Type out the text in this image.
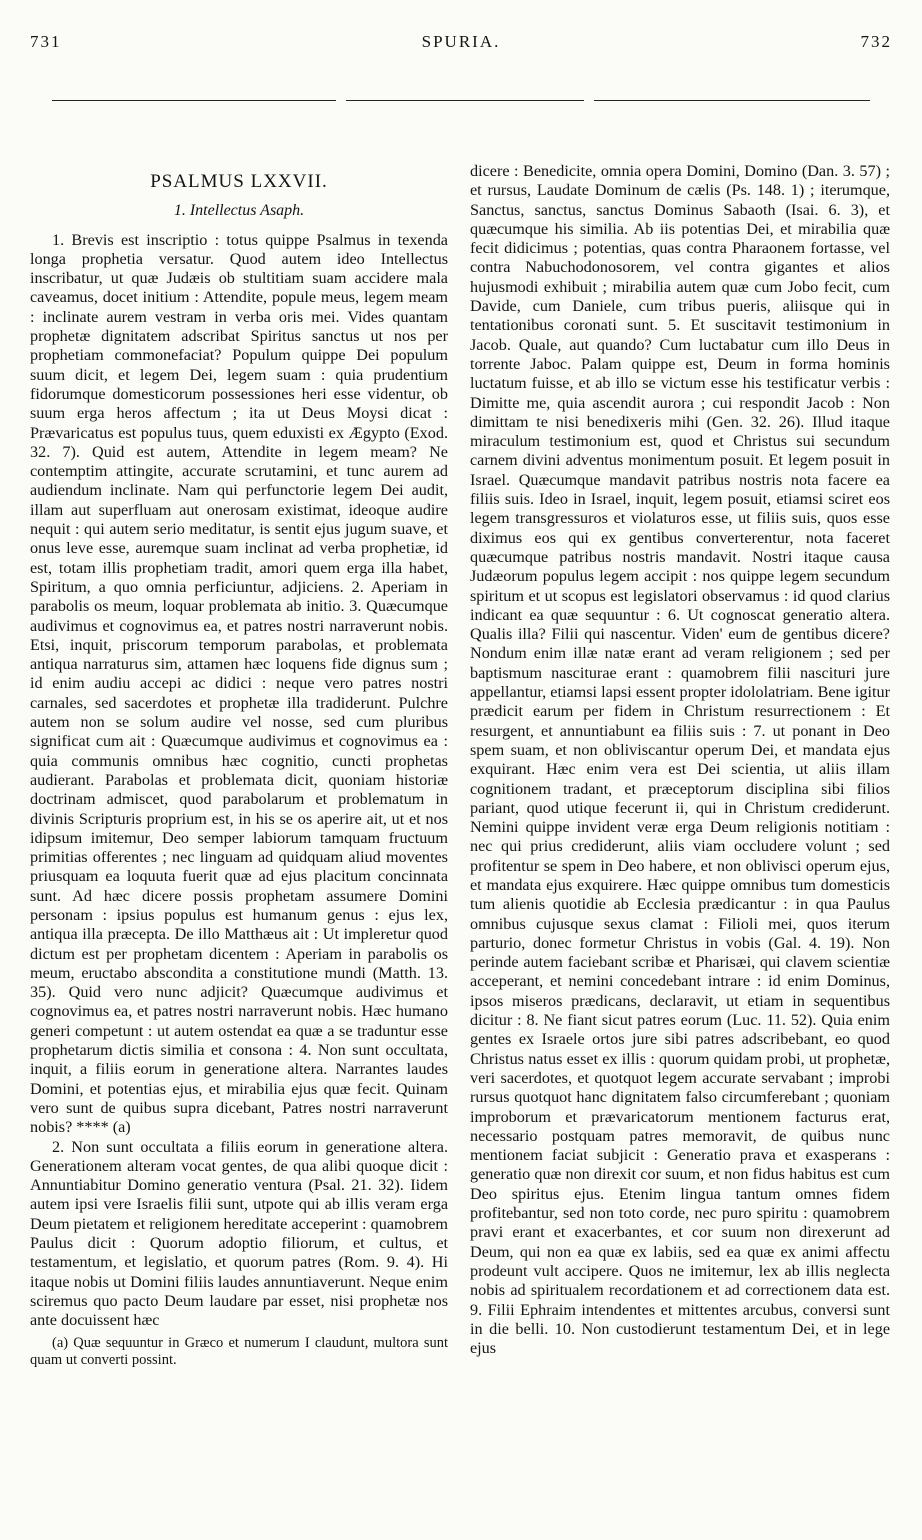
731	SPURIA.	732
PSALMUS LXXVII.
1. Intellectus Asaph.

1. Brevis est inscriptio : totus quippe Psalmus in texenda longa prophetia versatur. Quod autem ideo Intellectus inscribatur, ut quæ Judæis ob stultitiam suam accidere mala caveamus, docet initium : Attendite, popule meus, legem meam : inclinate aurem vestram in verba oris mei. Vides quantam prophetæ dignitatem adscribat Spiritus sanctus ut nos per prophetiam commonefaciat? Populum quippe Dei populum suum dicit, et legem Dei, legem suam : quia prudentium fidorumque domesticorum possessiones heri esse videntur, ob suum erga heros affectum ; ita ut Deus Moysi dicat : Prævaricatus est populus tuus, quem eduxisti ex Ægypto (Exod. 32. 7). Quid est autem, Attendite in legem meam? Ne contemptim attingite, accurate scrutamini, et tunc aurem ad audiendum inclinate. Nam qui perfunctorie legem Dei audit, illam aut superfluam aut onerosam existimat, ideoque audire nequit : qui autem serio meditatur, is sentit ejus jugum suave, et onus leve esse, auremque suam inclinat ad verba prophetiæ, id est, totam illis prophetiam tradit, amori quem erga illa habet, Spiritum, a quo omnia perficiuntur, adjiciens. 2. Aperiam in parabolis os meum, loquar problemata ab initio. 3. Quæcumque audivimus et cognovimus ea, et patres nostri narraverunt nobis. Etsi, inquit, priscorum temporum parabolas, et problemata antiqua narraturus sim, attamen hæc loquens fide dignus sum ; id enim audiu accepi ac didici : neque vero patres nostri carnales, sed sacerdotes et prophetæ illa tradiderunt. Pulchre autem non se solum audire vel nosse, sed cum pluribus significat cum ait : Quæcumque audivimus et cognovimus ea : quia communis omnibus hæc cognitio, cuncti prophetas audierant. Parabolas et problemata dicit, quoniam historiæ doctrinam admiscet, quod parabolarum et problematum in divinis Scripturis proprium est, in his se os aperire ait, ut et nos idipsum imitemur, Deo semper labiorum tamquam fructuum primitias offerentes ; nec linguam ad quidquam aliud moventes priusquam ea loquuta fuerit quæ ad ejus placitum concinnata sunt. Ad hæc dicere possis prophetam assumere Domini personam : ipsius populus est humanum genus : ejus lex, antiqua illa præcepta. De illo Matthæus ait : Ut impleretur quod dictum est per prophetam dicentem : Aperiam in parabolis os meum, eructabo abscondita a constitutione mundi (Matth. 13. 35). Quid vero nunc adjicit? Quæcumque audivimus et cognovimus ea, et patres nostri narraverunt nobis. Hæc humano generi competunt : ut autem ostendat ea quæ a se traduntur esse prophetarum dictis similia et consona : 4. Non sunt occultata, inquit, a filiis eorum in generatione altera. Narrantes laudes Domini, et potentias ejus, et mirabilia ejus quæ fecit. Quinam vero sunt de quibus supra dicebant, Patres nostri narraverunt nobis? **** (a)

2. Non sunt occultata a filiis eorum in generatione altera. Generationem alteram vocat gentes, de qua alibi quoque dicit : Annuntiabitur Domino generatio ventura (Psal. 21. 32). Iidem autem ipsi vere Israelis filii sunt, utpote qui ab illis veram erga Deum pietatem et religionem hereditate acceperint : quamobrem Paulus dicit : Quorum adoptio filiorum, et cultus, et testamentum, et legislatio, et quorum patres (Rom. 9. 4). Hi itaque nobis ut Domini filiis laudes annuntiaverunt. Neque enim sciremus quo pacto Deum laudare par esset, nisi prophetæ nos ante docuissent hæc

(a) Quæ sequuntur in Græco et numerum I claudunt, multora sunt quam ut converti possint.

dicere : Benedicite, omnia opera Domini, Domino (Dan. 3. 57) ; et rursus, Laudate Dominum de cælis (Ps. 148. 1) ; iterumque, Sanctus, sanctus, sanctus Dominus Sabaoth (Isai. 6. 3), et quæcumque his similia. Ab iis potentias Dei, et mirabilia quæ fecit didicimus ; potentias, quas contra Pharaonem fortasse, vel contra Nabuchodonosorem, vel contra gigantes et alios hujusmodi exhibuit ; mirabilia autem quæ cum Jobo fecit, cum Davide, cum Daniele, cum tribus pueris, aliisque qui in tentationibus coronati sunt. 5. Et suscitavit testimonium in Jacob. Quale, aut quando? Cum luctabatur cum illo Deus in torrente Jaboc. Palam quippe est, Deum in forma hominis luctatum fuisse, et ab illo se victum esse his testificatur verbis : Dimitte me, quia ascendit aurora ; cui respondit Jacob : Non dimittam te nisi benedixeris mihi (Gen. 32. 26). Illud itaque miraculum testimonium est, quod et Christus sui secundum carnem divini adventus monimentum posuit. Et legem posuit in Israel. Quæcumque mandavit patribus nostris nota facere ea filiis suis. Ideo in Israel, inquit, legem posuit, etiamsi sciret eos legem transgressuros et violaturos esse, ut filiis suis, quos esse diximus eos qui ex gentibus converterentur, nota faceret quæcumque patribus nostris mandavit. Nostri itaque causa Judæorum populus legem accipit : nos quippe legem secundum spiritum et ut scopus est legislatori observamus : id quod clarius indicant ea quæ sequuntur : 6. Ut cognoscat generatio altera. Qualis illa? Filii qui nascentur. Viden' eum de gentibus dicere? Nondum enim illæ natæ erant ad veram religionem ; sed per baptismum nasciturae erant : quamobrem filii nascituri jure appellantur, etiamsi lapsi essent propter idololatriam. Bene igitur prædicit earum per fidem in Christum resurrectionem : Et resurgent, et annuntiabunt ea filiis suis : 7. ut ponant in Deo spem suam, et non obliviscantur operum Dei, et mandata ejus exquirant. Hæc enim vera est Dei scientia, ut aliis illam cognitionem tradant, et præceptorum disciplina sibi filios pariant, quod utique fecerunt ii, qui in Christum crediderunt. Nemini quippe invident veræ erga Deum religionis notitiam : nec qui prius crediderunt, aliis viam occludere volunt ; sed profitentur se spem in Deo habere, et non oblivisci operum ejus, et mandata ejus exquirere. Hæc quippe omnibus tum domesticis tum alienis quotidie ab Ecclesia prædicantur : in qua Paulus omnibus cujusque sexus clamat : Filioli mei, quos iterum parturio, donec formetur Christus in vobis (Gal. 4. 19). Non perinde autem faciebant scribæ et Pharisæi, qui clavem scientiæ acceperant, et nemini concedebant intrare : id enim Dominus, ipsos miseros prædicans, declaravit, ut etiam in sequentibus dicitur : 8. Ne fiant sicut patres eorum (Luc. 11. 52). Quia enim gentes ex Israele ortos jure sibi patres adscribebant, eo quod Christus natus esset ex illis : quorum quidam probi, ut prophetæ, veri sacerdotes, et quotquot legem accurate servabant ; improbi rursus quotquot hanc dignitatem falso circumferebant ; quoniam improborum et prævaricatorum mentionem facturus erat, necessario postquam patres memoravit, de quibus nunc mentionem faciat subjicit : Generatio prava et exasperans : generatio quæ non direxit cor suum, et non fidus habitus est cum Deo spiritus ejus. Etenim lingua tantum omnes fidem profitebantur, sed non toto corde, nec puro spiritu : quamobrem pravi erant et exacerbantes, et cor suum non direxerunt ad Deum, qui non ea quæ ex labiis, sed ea quæ ex animi affectu prodeunt vult accipere. Quos ne imitemur, lex ab illis neglecta nobis ad spiritualem recordationem et ad correctionem data est. 9. Filii Ephraim intendentes et mittentes arcubus, conversi sunt in die belli. 10. Non custodierunt testamentum Dei, et in lege ejus
